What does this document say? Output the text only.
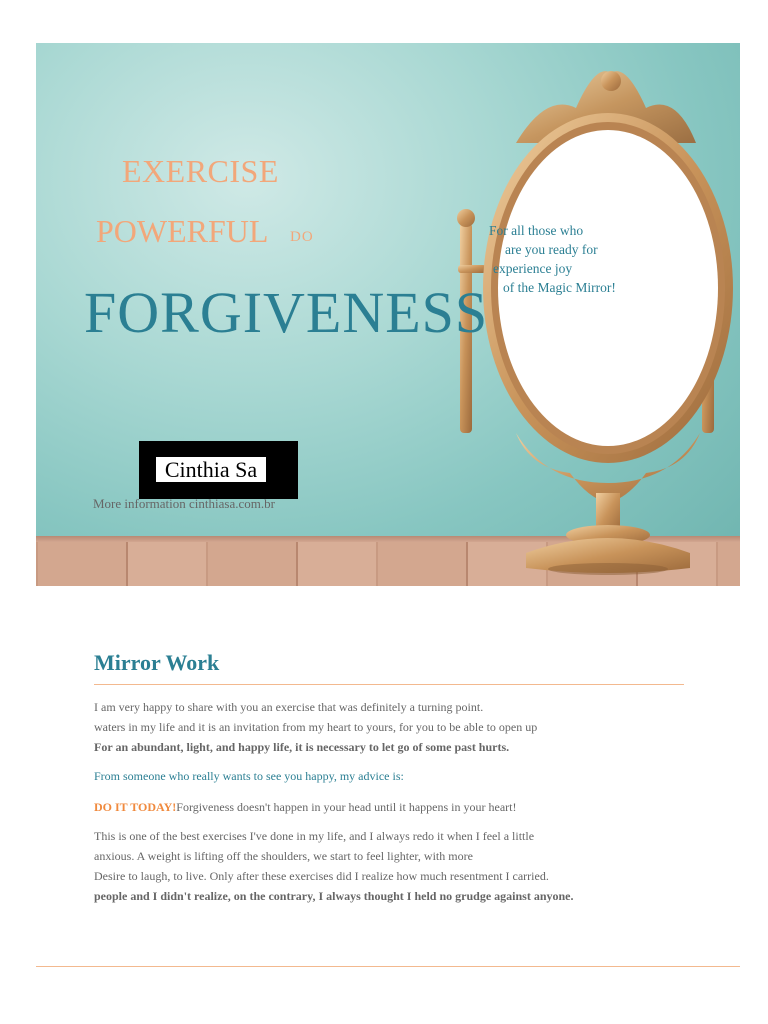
EXERCISE
POWERFUL DO
FORGIVENESS
For all those who
are you ready for
experience joy
of the Magic Mirror!
Cinthia Sa
More information cinthiasa.com.br
Mirror Work
I am very happy to share with you an exercise that was definitely a turning point.
waters in my life and it is an invitation from my heart to yours, for you to be able to open up
For an abundant, light, and happy life, it is necessary to let go of some past hurts.
From someone who really wants to see you happy, my advice is:
DO IT TODAY!Forgiveness doesn't happen in your head until it happens in your heart!
This is one of the best exercises I've done in my life, and I always redo it when I feel a little
anxious. A weight is lifting off the shoulders, we start to feel lighter, with more
Desire to laugh, to live. Only after these exercises did I realize how much resentment I carried.
people and I didn't realize, on the contrary, I always thought I held no grudge against anyone.
